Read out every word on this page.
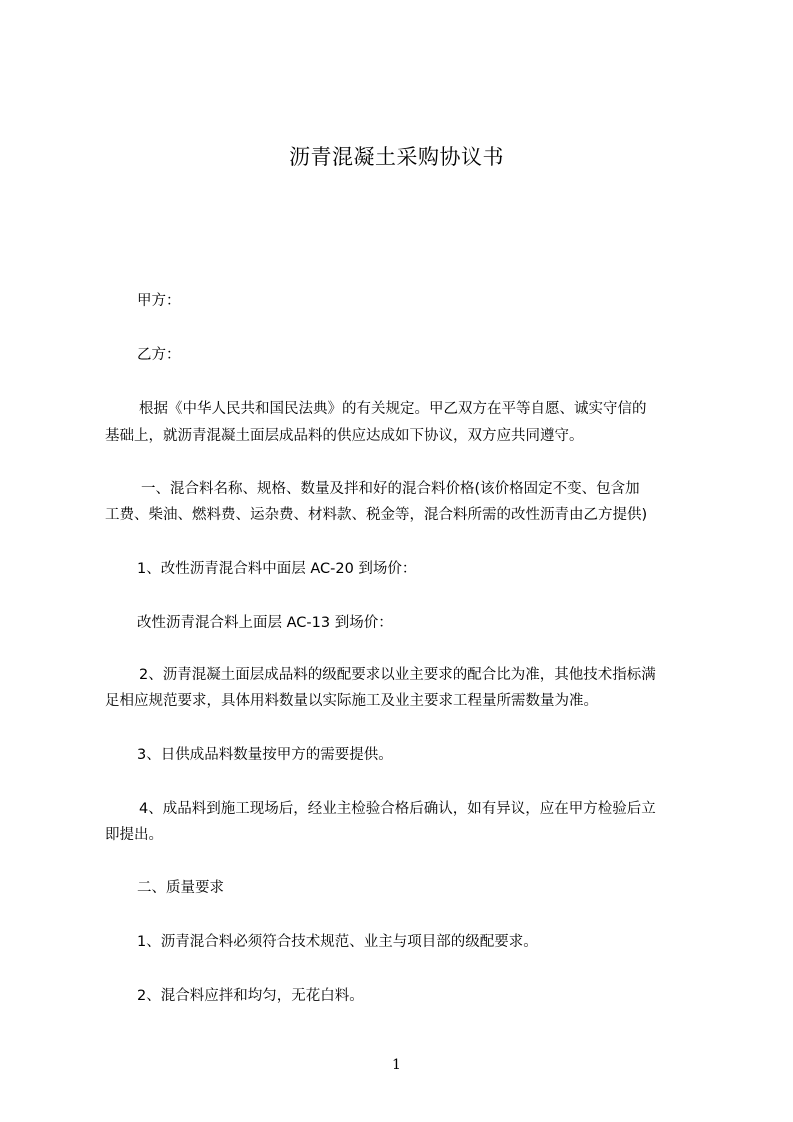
沥青混凝土采购协议书
甲方：
乙方：
根据《中华人民共和国民法典》的有关规定。甲乙双方在平等自愿、诚实守信的
基础上，就沥青混凝土面层成品料的供应达成如下协议，双方应共同遵守。
一、混合料名称、规格、数量及拌和好的混合料价格(该价格固定不变、包含加
工费、柴油、燃料费、运杂费、材料款、税金等，混合料所需的改性沥青由乙方提供)
1、改性沥青混合料中面层 AC-20 到场价：
改性沥青混合料上面层 AC-13 到场价：
2、沥青混凝土面层成品料的级配要求以业主要求的配合比为准，其他技术指标满
足相应规范要求，具体用料数量以实际施工及业主要求工程量所需数量为准。
3、日供成品料数量按甲方的需要提供。
4、成品料到施工现场后，经业主检验合格后确认，如有异议，应在甲方检验后立
即提出。
二、质量要求
1、沥青混合料必须符合技术规范、业主与项目部的级配要求。
2、混合料应拌和均匀，无花白料。
1
